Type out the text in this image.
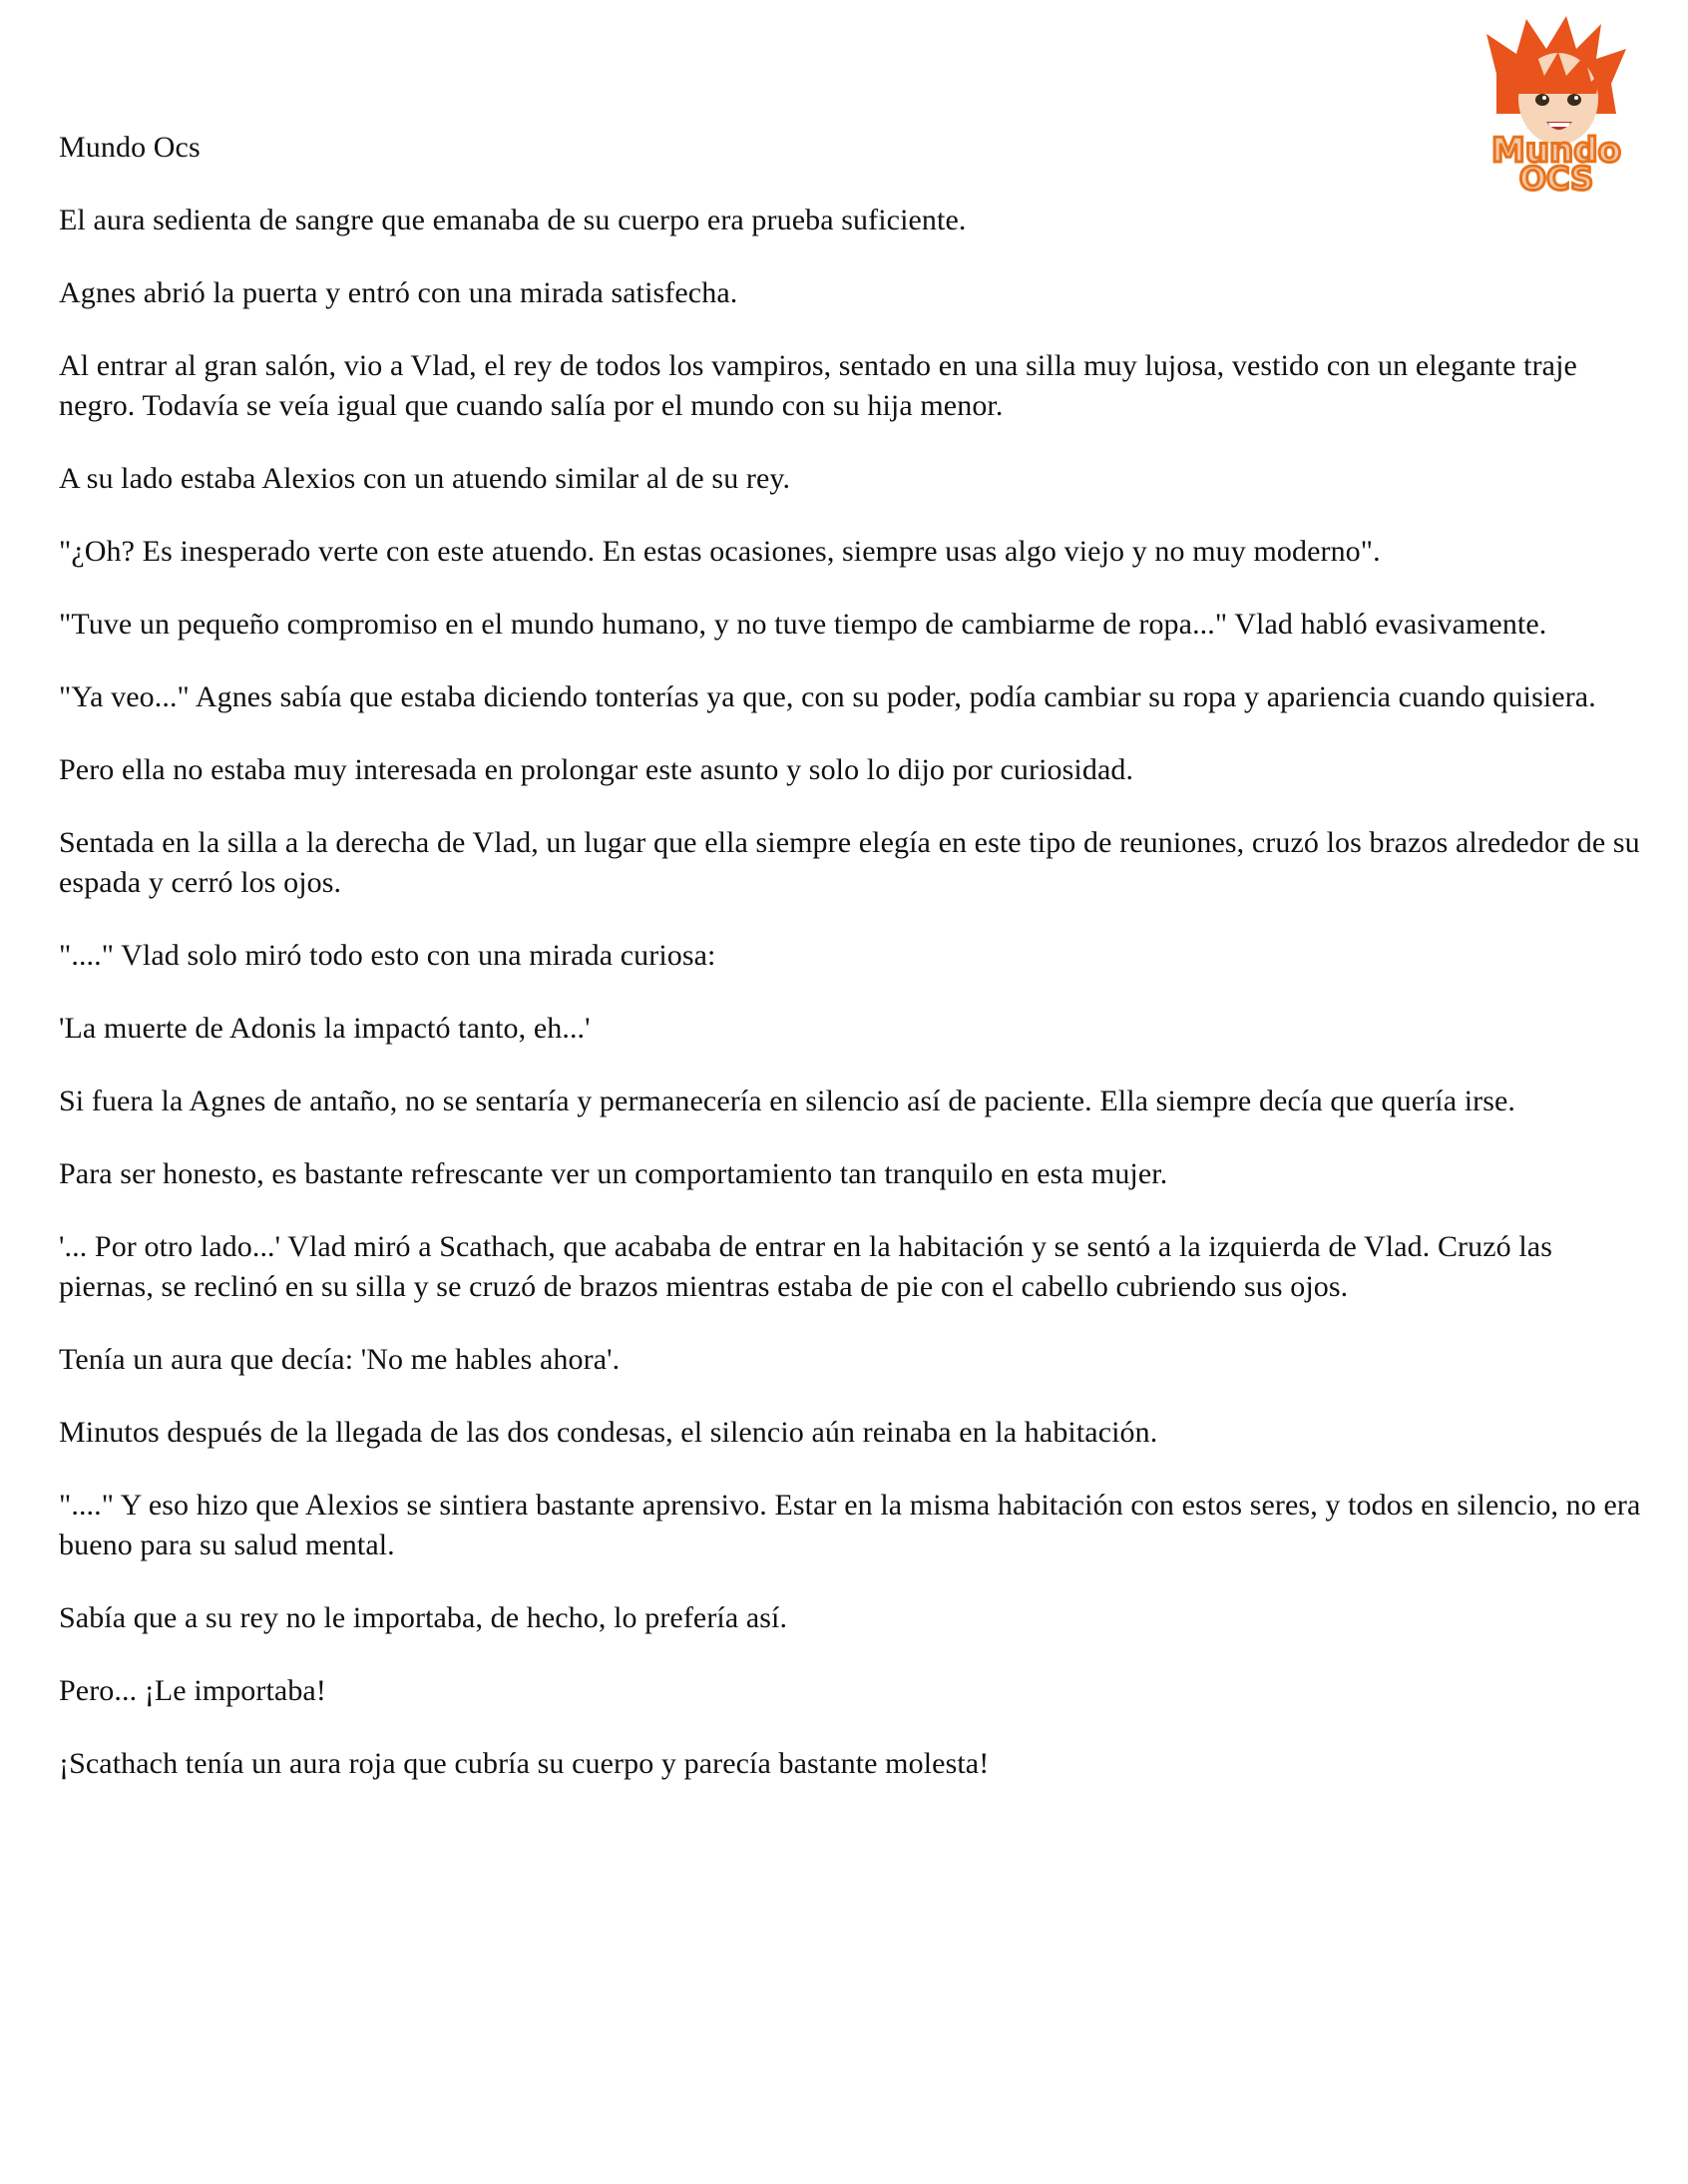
Mundo
OCS

Mundo Ocs

El aura sedienta de sangre que emanaba de su cuerpo era prueba suficiente.

Agnes abrió la puerta y entró con una mirada satisfecha.

Al entrar al gran salón, vio a Vlad, el rey de todos los vampiros, sentado en una silla muy lujosa, vestido con un elegante traje negro. Todavía se veía igual que cuando salía por el mundo con su hija menor.

A su lado estaba Alexios con un atuendo similar al de su rey.

"¿Oh? Es inesperado verte con este atuendo. En estas ocasiones, siempre usas algo viejo y no muy moderno".

"Tuve un pequeño compromiso en el mundo humano, y no tuve tiempo de cambiarme de ropa..." Vlad habló evasivamente.

"Ya veo..." Agnes sabía que estaba diciendo tonterías ya que, con su poder, podía cambiar su ropa y apariencia cuando quisiera.

Pero ella no estaba muy interesada en prolongar este asunto y solo lo dijo por curiosidad.

Sentada en la silla a la derecha de Vlad, un lugar que ella siempre elegía en este tipo de reuniones, cruzó los brazos alrededor de su espada y cerró los ojos.

"...." Vlad solo miró todo esto con una mirada curiosa:

'La muerte de Adonis la impactó tanto, eh...'

Si fuera la Agnes de antaño, no se sentaría y permanecería en silencio así de paciente. Ella siempre decía que quería irse.

Para ser honesto, es bastante refrescante ver un comportamiento tan tranquilo en esta mujer.

'... Por otro lado...' Vlad miró a Scathach, que acababa de entrar en la habitación y se sentó a la izquierda de Vlad. Cruzó las piernas, se reclinó en su silla y se cruzó de brazos mientras estaba de pie con el cabello cubriendo sus ojos.

Tenía un aura que decía: 'No me hables ahora'.

Minutos después de la llegada de las dos condesas, el silencio aún reinaba en la habitación.

"...." Y eso hizo que Alexios se sintiera bastante aprensivo. Estar en la misma habitación con estos seres, y todos en silencio, no era bueno para su salud mental.

Sabía que a su rey no le importaba, de hecho, lo prefería así.

Pero... ¡Le importaba!

¡Scathach tenía un aura roja que cubría su cuerpo y parecía bastante molesta!
